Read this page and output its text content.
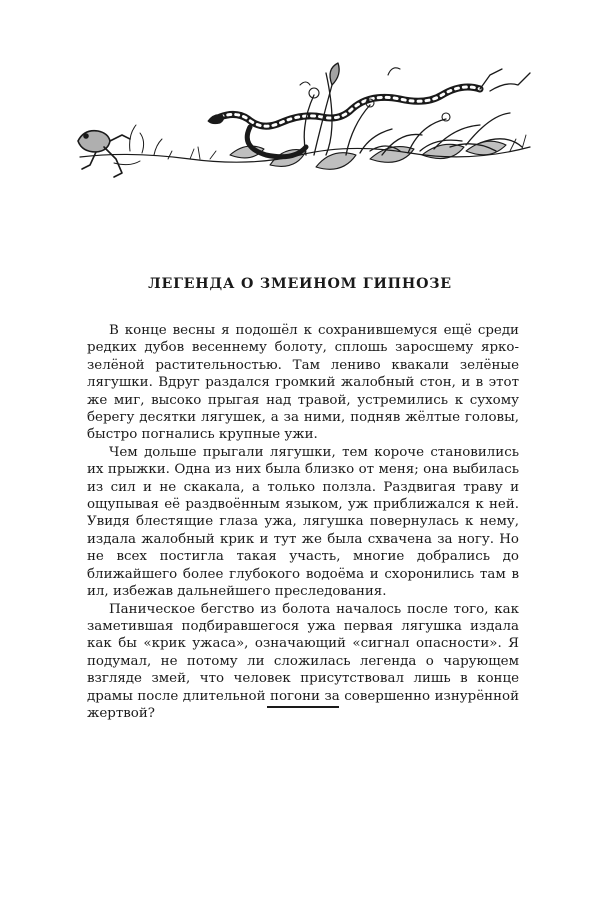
ЛЕГЕНДА О ЗМЕИНОМ ГИПНОЗЕ

В конце весны я подошёл к сохранившемуся ещё среди редких дубов весеннему болоту, сплошь заросшему яркозелёной растительностью. Там лениво квакали зелёные лягушки. Вдруг раздался громкий жалобный стон, и в этот же миг, высоко прыгая над травой, устремились к сухому берегу десятки лягушек, а за ними, подняв жёлтые головы, быстро погнались крупные ужи.

Чем дольше прыгали лягушки, тем короче становились их прыжки. Одна из них была близко от меня; она выбилась из сил и не скакала, а только ползла. Раздвигая траву и ощупывая её раздвоённым языком, уж приближался к ней. Увидя блестящие глаза ужа, лягушка повернулась к нему, издала жалобный крик и тут же была схвачена за ногу. Но не всех постигла такая участь, многие добрались до ближайшего более глубокого водоёма и схоронились там в ил, избежав дальнейшего преследования.

Паническое бегство из болота началось после того, как заметившая подбиравшегося ужа первая лягушка издала как бы «крик ужаса», означающий «сигнал опасности». Я подумал, не потому ли сложилась легенда о чарующем взгляде змей, что человек присутствовал лишь в конце драмы после длительной погони за совершенно изнурённой жертвой?
